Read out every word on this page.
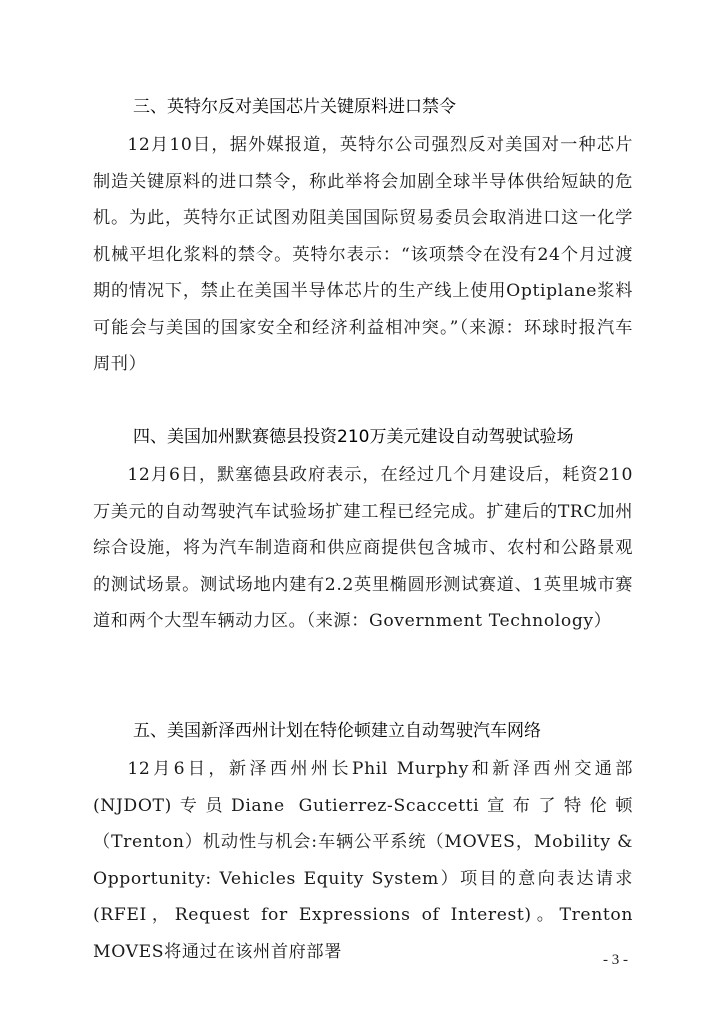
三、英特尔反对美国芯片关键原料进口禁令
12月10日，据外媒报道，英特尔公司强烈反对美国对一种芯片制造关键原料的进口禁令，称此举将会加剧全球半导体供给短缺的危机。为此，英特尔正试图劝阻美国国际贸易委员会取消进口这一化学机械平坦化浆料的禁令。英特尔表示：“该项禁令在没有24个月过渡期的情况下，禁止在美国半导体芯片的生产线上使用Optiplane浆料可能会与美国的国家安全和经济利益相冲突。”（来源：环球时报汽车周刊）
四、美国加州默赛德县投资210万美元建设自动驾驶试验场
12月6日，默塞德县政府表示，在经过几个月建设后，耗资210万美元的自动驾驶汽车试验场扩建工程已经完成。扩建后的TRC加州综合设施，将为汽车制造商和供应商提供包含城市、农村和公路景观的测试场景。测试场地内建有2.2英里椭圆形测试赛道、1英里城市赛道和两个大型车辆动力区。（来源：Government Technology）
五、美国新泽西州计划在特伦顿建立自动驾驶汽车网络
12月6日，新泽西州州长Phil Murphy和新泽西州交通部(NJDOT)专员Diane Gutierrez-Scaccetti宣布了特伦顿（Trenton）机动性与机会:车辆公平系统（MOVES，Mobility & Opportunity: Vehicles Equity System）项目的意向表达请求(RFEI，Request for Expressions of Interest)。Trenton MOVES将通过在该州首府部署	- 3 -
